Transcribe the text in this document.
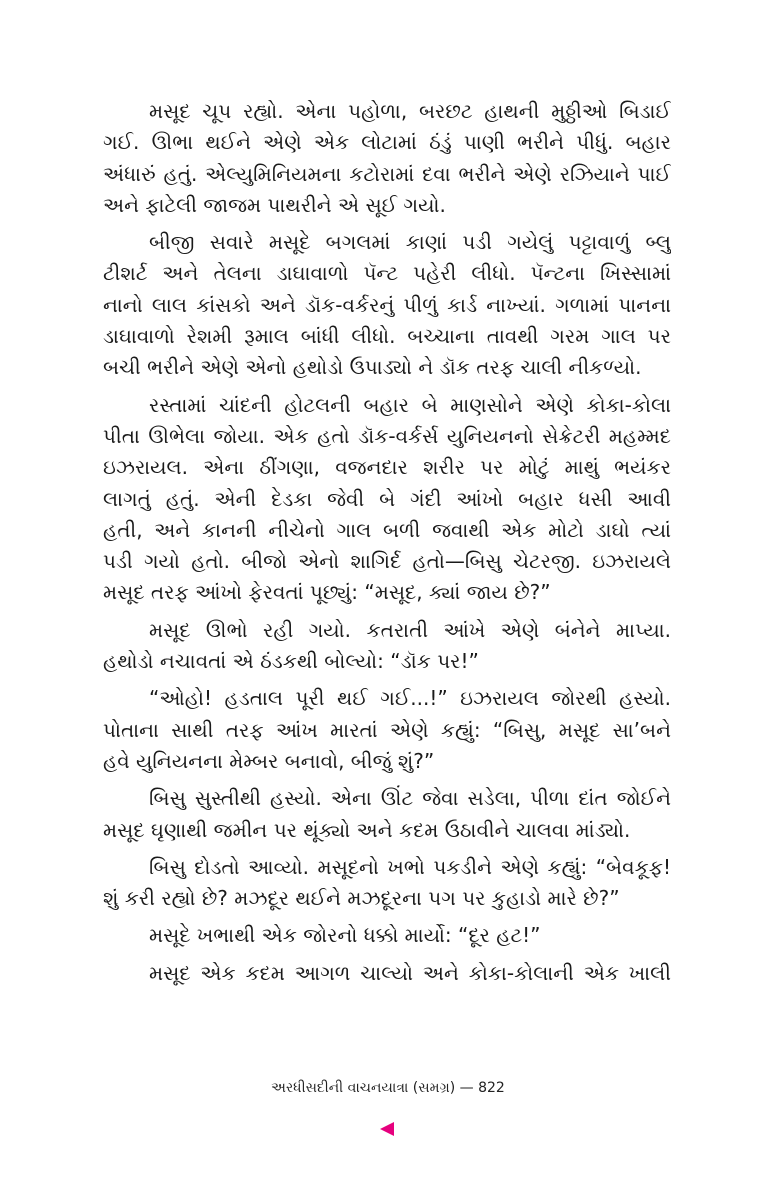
મસૂદ ચૂપ રહ્યો. એના પહોળા, બરછટ હાથની મુઠ્ઠીઓ બિડાઈ
ગઈ. ઊભા થઈને એણે એક લોટામાં ઠંડું પાણી ભરીને પીધું. બહાર
અંધારું હતું. એલ્યુમિનિયમના કટોરામાં દવા ભરીને એણે રઝિયાને પાઈ
અને ફાટેલી જાજમ પાથરીને એ સૂઈ ગયો.
બીજી સવારે મસૂદે બગલમાં કાણાં પડી ગયેલું પટ્ટાવાળું બ્લુ
ટીશર્ટ અને તેલના ડાઘાવાળો પૅન્ટ પહેરી લીધો. પૅન્ટના ખિસ્સામાં
નાનો લાલ કાંસકો અને ડૉક-વર્કરનું પીળું કાર્ડ નાખ્યાં. ગળામાં પાનના
ડાઘાવાળો રેશમી રૂમાલ બાંધી લીધો. બચ્ચાના તાવથી ગરમ ગાલ પર
બચી ભરીને એણે એનો હથોડો ઉપાડ્યો ને ડૉક તરફ ચાલી નીકળ્યો.
રસ્તામાં ચાંદની હોટલની બહાર બે માણસોને એણે કોકા-કોલા
પીતા ઊભેલા જોયા. એક હતો ડૉક-વર્કર્સ યુનિયનનો સેક્રેટરી મહમ્મદ
ઇઝરાયલ. એના ઠીંગણા, વજનદાર શરીર પર મોટું માથું ભયંકર
લાગતું હતું. એની દેડકા જેવી બે ગંદી આંખો બહાર ધસી આવી
હતી, અને કાનની નીચેનો ગાલ બળી જવાથી એક મોટો ડાઘો ત્યાં
પડી ગયો હતો. બીજો એનો શાગિર્દ હતો—બિસુ ચેટરજી. ઇઝરાયલે
મસૂદ તરફ આંખો ફેરવતાં પૂછ્યું: “મસૂદ, ક્યાં જાય છે?”
મસૂદ ઊભો રહી ગયો. કતરાતી આંખે એણે બંનેને માપ્યા.
હથોડો નચાવતાં એ ઠંડકથી બોલ્યો: “ડૉક પર!”
“ઓહો! હડતાલ પૂરી થઈ ગઈ...!” ઇઝરાયલ જોરથી હસ્યો.
પોતાના સાથી તરફ આંખ મારતાં એણે કહ્યું: “બિસુ, મસૂદ સા’બને
હવે યુનિયનના મેમ્બર બનાવો, બીજું શું?”
બિસુ સુસ્તીથી હસ્યો. એના ઊંટ જેવા સડેલા, પીળા દાંત જોઈને
મસૂદ ઘૃણાથી જમીન પર થૂંક્યો અને કદમ ઉઠાવીને ચાલવા માંડ્યો.
બિસુ દોડતો આવ્યો. મસૂદનો ખભો પકડીને એણે કહ્યું: “બેવકૂફ!
શું કરી રહ્યો છે? મઝદૂર થઈને મઝદૂરના પગ પર કુહાડો મારે છે?”
મસૂદે ખભાથી એક જોરનો ધક્કો માર્યો: “દૂર હટ!”
મસૂદ એક કદમ આગળ ચાલ્યો અને કોકા-કોલાની એક ખાલી
અરધીસદીની વાચનયાત્રા (સમગ્ર) — 822
